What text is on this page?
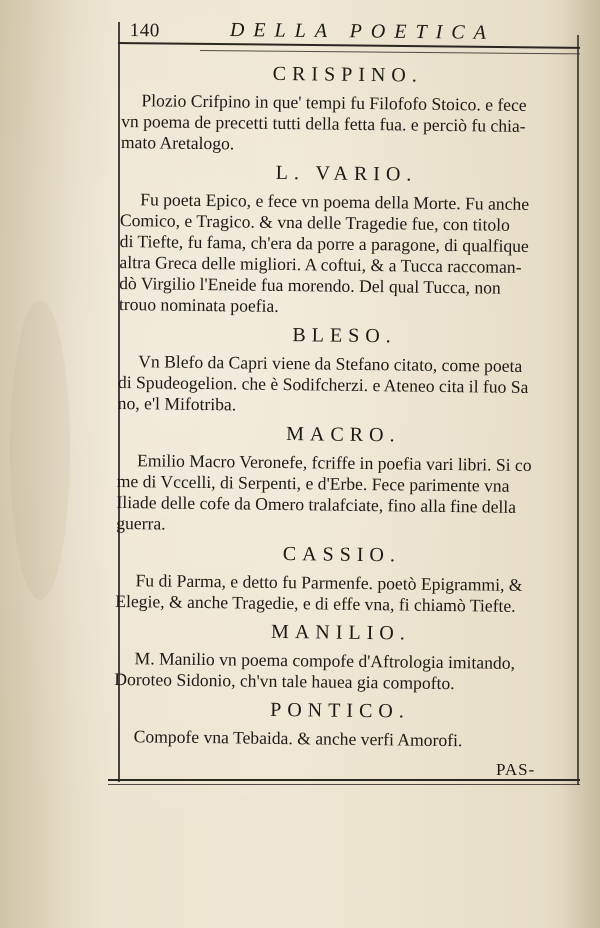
140	DELLA POETICA
CRISPINO.
Plozio Crifpino in que' tempi fu Filofofo Stoico. e fece
vn poema de precetti tutti della fetta fua. e perciò fu chia-
mato Aretalogo.
L. VARIO.
Fu poeta Epico, e fece vn poema della Morte. Fu anche
Comico, e Tragico. & vna delle Tragedie fue, con titolo
di Tiefte, fu fama, ch'era da porre a paragone, di qualfique
altra Greca delle migliori. A coftui, & a Tucca raccoman-
dò Virgilio l'Eneide fua morendo. Del qual Tucca, non
trouo nominata poefia.
BLESO.
Vn Blefo da Capri viene da Stefano citato, come poeta
di Spudeogelion. che è Sodifcherzi. e Ateneo cita il fuo Sa
no, e'l Mifotriba.
MACRO.
Emilio Macro Veronefe, fcriffe in poefia vari libri. Si co
me di Vccelli, di Serpenti, e d'Erbe. Fece parimente vna
Iliade delle cofe da Omero tralafciate, fino alla fine della
guerra.
CASSIO.
Fu di Parma, e detto fu Parmenfe. poetò Epigrammi, &
Elegie, & anche Tragedie, e di effe vna, fi chiamò Tiefte.
MANILIO.
M. Manilio vn poema compofe d'Aftrologia imitando,
Doroteo Sidonio, ch'vn tale hauea gia compofto.
PONTICO.
Compofe vna Tebaida. & anche verfi Amorofi.
PAS-
